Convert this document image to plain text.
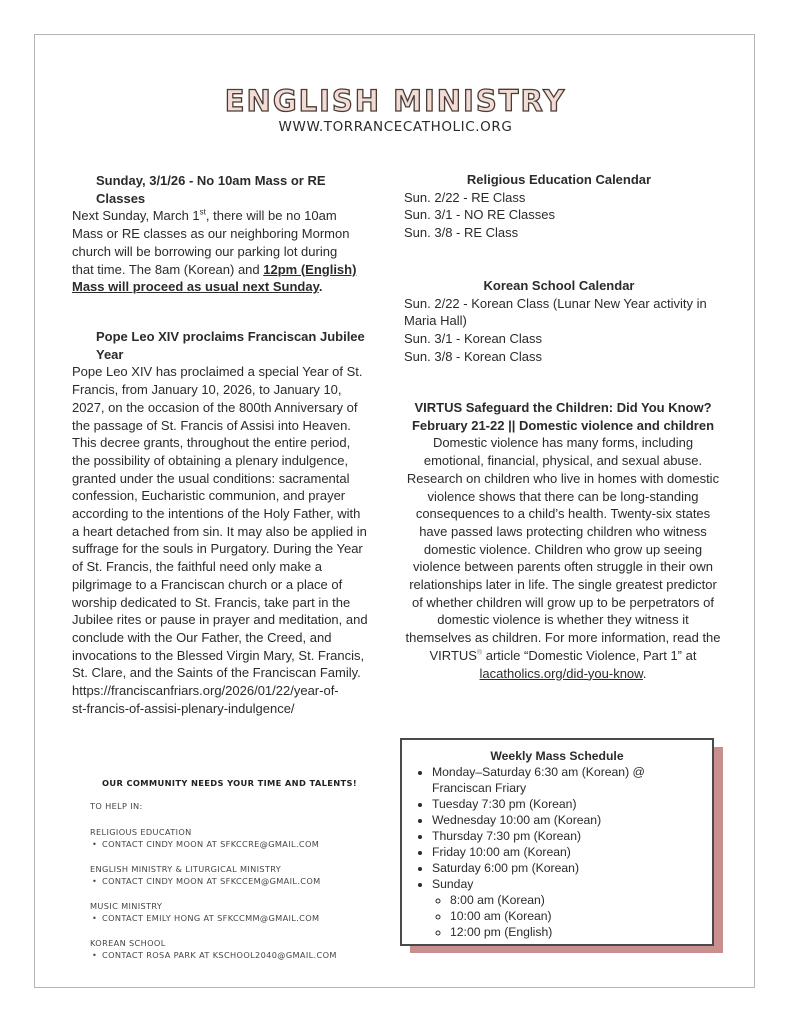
ENGLISH MINISTRY
WWW.TORRANCECATHOLIC.ORG
Sunday, 3/1/26 - No 10am Mass or RE Classes

Next Sunday, March 1st, there will be no 10am Mass or RE classes as our neighboring Mormon church will be borrowing our parking lot during that time. The 8am (Korean) and 12pm (English) Mass will proceed as usual next Sunday.

Pope Leo XIV proclaims Franciscan Jubilee Year

Pope Leo XIV has proclaimed a special Year of St. Francis, from January 10, 2026, to January 10, 2027, on the occasion of the 800th Anniversary of the passage of St. Francis of Assisi into Heaven. This decree grants, throughout the entire period, the possibility of obtaining a plenary indulgence, granted under the usual conditions: sacramental confession, Eucharistic communion, and prayer according to the intentions of the Holy Father, with a heart detached from sin. It may also be applied in suffrage for the souls in Purgatory. During the Year of St. Francis, the faithful need only make a pilgrimage to a Franciscan church or a place of worship dedicated to St. Francis, take part in the Jubilee rites or pause in prayer and meditation, and conclude with the Our Father, the Creed, and invocations to the Blessed Virgin Mary, St. Francis, St. Clare, and the Saints of the Franciscan Family.

https://franciscanfriars.org/2026/01/22/year-of-st-francis-of-assisi-plenary-indulgence/

Religious Education Calendar

Sun. 2/22 - RE Class

Sun. 3/1 - NO RE Classes

Sun. 3/8 - RE Class

Korean School Calendar

Sun. 2/22 - Korean Class (Lunar New Year activity in Maria Hall)

Sun. 3/1 - Korean Class

Sun. 3/8 - Korean Class

VIRTUS Safeguard the Children: Did You Know?
February 21-22 || Domestic violence and children

Domestic violence has many forms, including emotional, financial, physical, and sexual abuse. Research on children who live in homes with domestic violence shows that there can be long-standing consequences to a child’s health. Twenty-six states have passed laws protecting children who witness domestic violence. Children who grow up seeing violence between parents often struggle in their own relationships later in life. The single greatest predictor of whether children will grow up to be perpetrators of domestic violence is whether they witness it themselves as children. For more information, read the VIRTUS® article “Domestic Violence, Part 1” at
lacatholics.org/did-you-know.

OUR COMMUNITY NEEDS YOUR TIME AND TALENTS!
TO HELP IN:
RELIGIOUS EDUCATION
• CONTACT CINDY MOON AT SFKCCRE@GMAIL.COM
ENGLISH MINISTRY & LITURGICAL MINISTRY
• CONTACT CINDY MOON AT SFKCCEM@GMAIL.COM
MUSIC MINISTRY
• CONTACT EMILY HONG AT SFKCCMM@GMAIL.COM
KOREAN SCHOOL
• CONTACT ROSA PARK AT KSCHOOL2040@GMAIL.COM
Weekly Mass Schedule
• Monday–Saturday 6:30 am (Korean) @ Franciscan Friary
• Tuesday 7:30 pm (Korean)
• Wednesday 10:00 am (Korean)
• Thursday 7:30 pm (Korean)
• Friday 10:00 am (Korean)
• Saturday 6:00 pm (Korean)
• Sunday
◦ 8:00 am (Korean)
◦ 10:00 am (Korean)
◦ 12:00 pm (English)
